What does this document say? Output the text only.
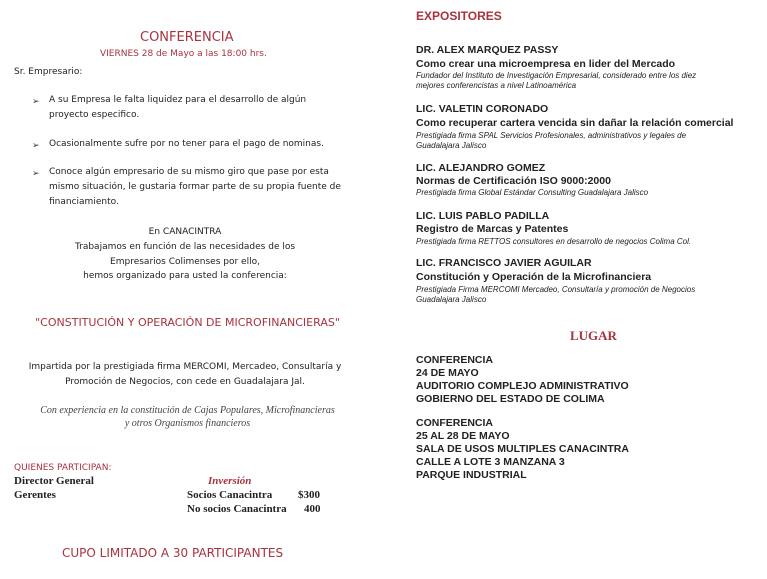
CONFERENCIA
VIERNES 28 de Mayo a las 18:00 hrs.
Sr. Empresario:
➢ A su Empresa le falta liquidez para el desarrollo de algún
proyecto especifico.
➢ Ocasionalmente sufre por no tener para el pago de nominas.
➢ Conoce algún empresario de su mismo giro que pase por esta
mismo situación, le gustaria formar parte de su propia fuente de
financiamiento.
En CANACINTRA
Trabajamos en función de las necesidades de los
Empresarios Colimenses por ello,
hemos organizado para usted la conferencia:
"CONSTITUCIÓN Y OPERACIÓN DE MICROFINANCIERAS"
Impartida por la prestigiada firma MERCOMI, Mercadeo, Consultaría y
Promoción de Negocios, con cede en Guadalajara Jal.
Con experiencia en la constitución de Cajas Populares, Microfinancieras
y otros Organismos financieros
QUIENES PARTICIPAN:
Director General
Gerentes
Inversión
Socios Canacintra $300
No socios Canacintra 400
CUPO LIMITADO A 30 PARTICIPANTES
EXPOSITORES
DR. ALEX MARQUEZ PASSY
Como crear una microempresa en lider del Mercado
Fundador del Instituto de Investigación Empresarial, considerado entre los diez
mejores conferencistas a nivel Latinoamérica
LIC. VALETIN CORONADO
Como recuperar cartera vencida sin dañar la relación comercial
Prestigiada firma SPAL Servicios Profesionales, administrativos y legales de
Guadalajara Jalisco
LIC. ALEJANDRO GOMEZ
Normas de Certificación ISO 9000:2000
Prestigiada firma Global Estándar Consulting Guadalajara Jalisco
LIC. LUIS PABLO PADILLA
Registro de Marcas y Patentes
Prestigiada firma RETTOS consultores en desarrollo de negocios Colima Col.
LIC. FRANCISCO JAVIER AGUILAR
Constitución y Operación de la Microfinanciera
Prestigiada Firma MERCOMI Mercadeo, Consultaría y promoción de Negocios
Guadalajara Jalisco
LUGAR
CONFERENCIA
24 DE MAYO
AUDITORIO COMPLEJO ADMINISTRATIVO
GOBIERNO DEL ESTADO DE COLIMA
CONFERENCIA
25 AL 28 DE MAYO
SALA DE USOS MULTIPLES CANACINTRA
CALLE A LOTE 3 MANZANA 3
PARQUE INDUSTRIAL
